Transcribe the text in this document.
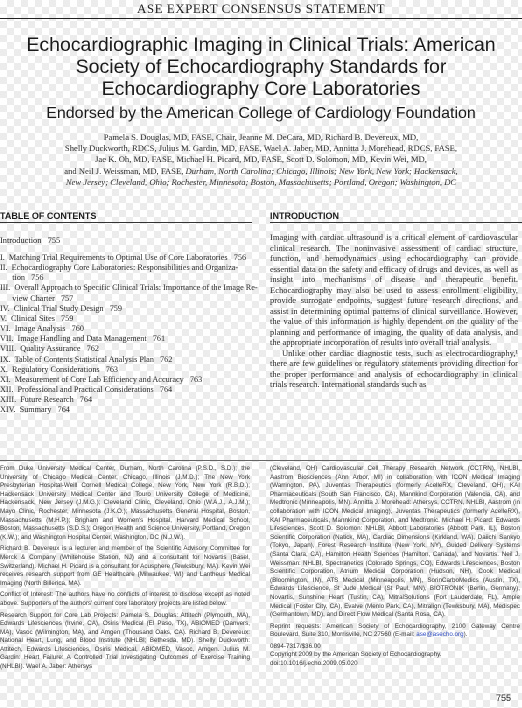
ASE EXPERT CONSENSUS STATEMENT
Echocardiographic Imaging in Clinical Trials: American
Society of Echocardiography Standards for
Echocardiography Core Laboratories
Endorsed by the American College of Cardiology Foundation
Pamela S. Douglas, MD, FASE, Chair, Jeanne M. DeCara, MD, Richard B. Devereux, MD,
Shelly Duckworth, RDCS, Julius M. Gardin, MD, FASE, Wael A. Jaber, MD, Annitta J. Morehead, RDCS, FASE,
Jae K. Oh, MD, FASE, Michael H. Picard, MD, FASE, Scott D. Solomon, MD, Kevin Wei, MD,
and Neil J. Weissman, MD, FASE, Durham, North Carolina; Chicago, Illinois; New York, New York; Hackensack,
New Jersey; Cleveland, Ohio; Rochester, Minnesota; Boston, Massachusetts; Portland, Oregon; Washington, DC
TABLE OF CONTENTS	INTRODUCTION
Introduction   755
I.  Matching Trial Requirements to Optimal Use of Core Laboratories   756
II.  Echocardiography Core Laboratories: Responsibilities and Organiza-
tion   756
III.  Overall Approach to Specific Clinical Trials: Importance of the Image Re-
view Charter   757
IV.  Clinical Trial Study Design   759
V.  Clinical Sites   759
VI.  Image Analysis   760
VII.  Image Handling and Data Management   761
VIII.  Quality Assurance   762
IX.  Table of Contents Statistical Analysis Plan   762
X.  Regulatory Considerations   763
XI.  Measurement of Core Lab Efficiency and Accuracy   763
XII.  Professional and Practical Considerations   764
XIII.  Future Research   764
XIV.  Summary   764

Imaging with cardiac ultrasound is a critical element of cardiovascular clinical research. The noninvasive assessment of cardiac structure, function, and hemodynamics using echocardiography can provide essential data on the safety and efficacy of drugs and devices, as well as insight into mechanisms of disease and therapeutic benefit. Echocardiography may also be used to assess enrollment eligibility, provide surrogate endpoints, suggest future research directions, and assist in determining optimal patterns of clinical surveillance. However, the value of this information is highly dependent on the quality of the planning and performance of imaging, the quality of data analysis, and the appropriate incorporation of results into overall trial analysis.

Unlike other cardiac diagnostic tests, such as electrocardiography,¹ there are few guidelines or regulatory statements providing direction for the proper performance and analysis of echocardiography in clinical trials research. International standards such as

From Duke University Medical Center, Durham, North Carolina (P.S.D., S.D.); the University of Chicago Medical Center, Chicago, Illinois (J.M.D.); The New York Presbyterian Hospital-Weill Cornell Medical College, New York, New York (R.B.D.); Hackensack University Medical Center and Touro University College of Medicine, Hackensack, New Jersey (J.M.G.); Cleveland Clinic, Cleveland, Ohio (W.A.J., A.J.M.); Mayo Clinic, Rochester, Minnesota (J.K.O.); Massachusetts General Hospital, Boston, Massachusetts (M.H.P.); Brigham and Women's Hospital, Harvard Medical School, Boston, Massachusetts (S.D.S.); Oregon Health and Science University, Portland, Oregon (K.W.); and Washington Hospital Center, Washington, DC (N.J.W.).

Richard B. Devereux is a lecturer and member of the Scientific Advisory Committee for Merck & Company (Whitehouse Station, NJ) and a consultant for Novartis (Basel, Switzerland). Michael H. Picard is a consultant for Acusphere (Tewksbury, MA). Kevin Wei receives research support from GE Healthcare (Milwaukee, WI) and Lantheus Medical Imaging (North Billerica, MA).

Conflict of Interest: The authors have no conflicts of interest to disclose except as noted above. Supporters of the authors' current core laboratory projects are listed below.

Research Support for Core Lab Projects: Pamela S. Douglas: Attitech (Plymouth, MA), Edwards Lifesciences (Irvine, CA), Osiris Medical (El Paso, TX), ABIOMED (Danvers, MA), Vasoc (Wilmington, MA), and Amgen (Thousand Oaks, CA). Richard B. Devereux: National Heart, Lung, and Blood Institute (NHLBI; Bethesda, MD). Shelly Duckworth: Attitech, Edwards Lifesciences, Osiris Medical, ABIOMED, Vasoc, Amgen. Julius M. Gardin: Heart Failure: A Controlled Trial Investigating Outcomes of Exercise Training (NHLBI). Wael A. Jaber: Athersys

(Cleveland, OH) Cardiovascular Cell Therapy Research Network (CCTRN), NHLBI, Aastrom Biosciences (Ann Arbor, MI) in collaboration with ICON Medical Imaging (Warrington, PA), Juventas Therapeutics (formerly AcelleRX, Cleveland, OH), KAI Pharmaceuticals (South San Francisco, CA), Mannkind Corporation (Valencia, CA), and Medtronic (Minneapolis, MN). Annitta J. Morehead: Athersys, CCTRN, NHLBI, Aastrom (in collaboration with ICON Medical Imaging), Juventas Therapeutics (formerly AcelleRX), KAI Pharmaceuticals, Mannkind Corporation, and Medtronic. Michael H. Picard: Edwards Lifesciences, Scott D. Solomon: NHLBI, Abbott Laboratories (Abbott Park, IL), Boston Scientific Corporation (Natick, MA), Cardiac Dimensions (Kirkland, WA), Daiichi Sankyo (Tokyo, Japan), Forest Research Institute (New York, NY), Guided Delivery Systems (Santa Clara, CA), Hamilton Health Sciences (Hamilton, Canada), and Novartis. Neil J. Weissman: NHLBI, Spectranetics (Colorado Springs, CO), Edwards Lifesciences, Boston Scientific Corporation, Atrium Medical Corporation (Hudson, NH), Cook Medical (Bloomington, IN), ATS Medical (Minneapolis, MN), SorinCarboMedics (Austin, TX), Edwards Lifescience, St Jude Medical (St Paul, MN), BIOTRONIK (Berlin, Germany), Novartis, Sunshine Heart (Tustin, CA), MitralSolutions (Fort Lauderdale, FL), Ample Medical (Foster City, CA), Evalve (Menlo Park, CA), Mitralign (Tewksbury, MA), Medispec (Germantown, MD), and Direct Flow Medical (Santa Rosa, CA).

Reprint requests: American Society of Echocardiography, 2100 Gateway Centre Boulevard, Suite 310, Morrisville, NC 27560 (E-mail: ase@asecho.org).

0894-7317/$36.00

Copyright 2009 by the American Society of Echocardiography.

doi:10.1016/j.echo.2009.05.020

755
